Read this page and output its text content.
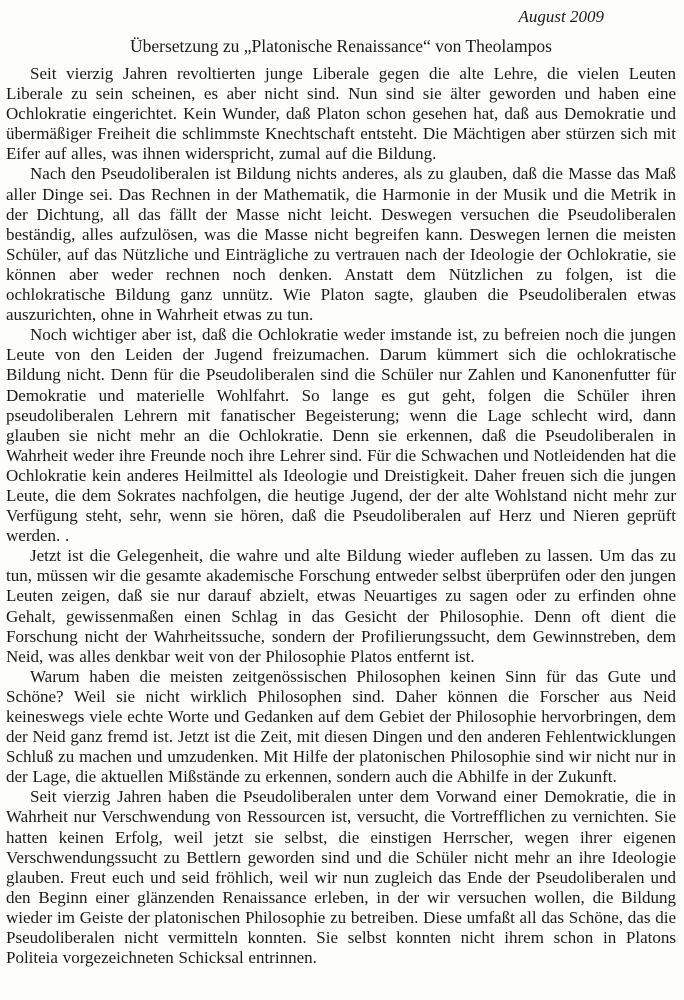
August 2009
Übersetzung zu „Platonische Renaissance“ von Theolampos

Seit vierzig Jahren revoltierten junge Liberale gegen die alte Lehre, die vielen Leuten Liberale zu sein scheinen, es aber nicht sind. Nun sind sie älter geworden und haben eine Ochlokratie eingerichtet. Kein Wunder, daß Platon schon gesehen hat, daß aus Demokratie und übermäßiger Freiheit die schlimmste Knechtschaft entsteht. Die Mächtigen aber stürzen sich mit Eifer auf alles, was ihnen widerspricht, zumal auf die Bildung.

Nach den Pseudoliberalen ist Bildung nichts anderes, als zu glauben, daß die Masse das Maß aller Dinge sei. Das Rechnen in der Mathematik, die Harmonie in der Musik und die Metrik in der Dichtung, all das fällt der Masse nicht leicht. Deswegen versuchen die Pseudoliberalen beständig, alles aufzulösen, was die Masse nicht begreifen kann. Deswegen lernen die meisten Schüler, auf das Nützliche und Einträgliche zu vertrauen nach der Ideologie der Ochlokratie, sie können aber weder rechnen noch denken. Anstatt dem Nützlichen zu folgen, ist die ochlokratische Bildung ganz unnütz. Wie Platon sagte, glauben die Pseudoliberalen etwas auszurichten, ohne in Wahrheit etwas zu tun.

Noch wichtiger aber ist, daß die Ochlokratie weder imstande ist, zu befreien noch die jungen Leute von den Leiden der Jugend freizumachen. Darum kümmert sich die ochlokratische Bildung nicht. Denn für die Pseudoliberalen sind die Schüler nur Zahlen und Kanonenfutter für Demokratie und materielle Wohlfahrt. So lange es gut geht, folgen die Schüler ihren pseudoliberalen Lehrern mit fanatischer Begeisterung; wenn die Lage schlecht wird, dann glauben sie nicht mehr an die Ochlokratie. Denn sie erkennen, daß die Pseudoliberalen in Wahrheit weder ihre Freunde noch ihre Lehrer sind. Für die Schwachen und Notleidenden hat die Ochlokratie kein anderes Heilmittel als Ideologie und Dreistigkeit. Daher freuen sich die jungen Leute, die dem Sokrates nachfolgen, die heutige Jugend, der der alte Wohlstand nicht mehr zur Verfügung steht, sehr, wenn sie hören, daß die Pseudoliberalen auf Herz und Nieren geprüft werden. .

Jetzt ist die Gelegenheit, die wahre und alte Bildung wieder aufleben zu lassen. Um das zu tun, müssen wir die gesamte akademische Forschung entweder selbst überprüfen oder den jungen Leuten zeigen, daß sie nur darauf abzielt, etwas Neuartiges zu sagen oder zu erfinden ohne Gehalt, gewissenmaßen einen Schlag in das Gesicht der Philosophie. Denn oft dient die Forschung nicht der Wahrheitssuche, sondern der Profilierungssucht, dem Gewinnstreben, dem Neid, was alles denkbar weit von der Philosophie Platos entfernt ist.

Warum haben die meisten zeitgenössischen Philosophen keinen Sinn für das Gute und Schöne? Weil sie nicht wirklich Philosophen sind. Daher können die Forscher aus Neid keineswegs viele echte Worte und Gedanken auf dem Gebiet der Philosophie hervorbringen, dem der Neid ganz fremd ist. Jetzt ist die Zeit, mit diesen Dingen und den anderen Fehlentwicklungen Schluß zu machen und umzudenken. Mit Hilfe der platonischen Philosophie sind wir nicht nur in der Lage, die aktuellen Mißstände zu erkennen, sondern auch die Abhilfe in der Zukunft.

Seit vierzig Jahren haben die Pseudoliberalen unter dem Vorwand einer Demokratie, die in Wahrheit nur Verschwendung von Ressourcen ist, versucht, die Vortrefflichen zu vernichten. Sie hatten keinen Erfolg, weil jetzt sie selbst, die einstigen Herrscher, wegen ihrer eigenen Verschwendungssucht zu Bettlern geworden sind und die Schüler nicht mehr an ihre Ideologie glauben. Freut euch und seid fröhlich, weil wir nun zugleich das Ende der Pseudoliberalen und den Beginn einer glänzenden Renaissance erleben, in der wir versuchen wollen, die Bildung wieder im Geiste der platonischen Philosophie zu betreiben. Diese umfaßt all das Schöne, das die Pseudoliberalen nicht vermitteln konnten. Sie selbst konnten nicht ihrem schon in Platons Politeia vorgezeichneten Schicksal entrinnen.
